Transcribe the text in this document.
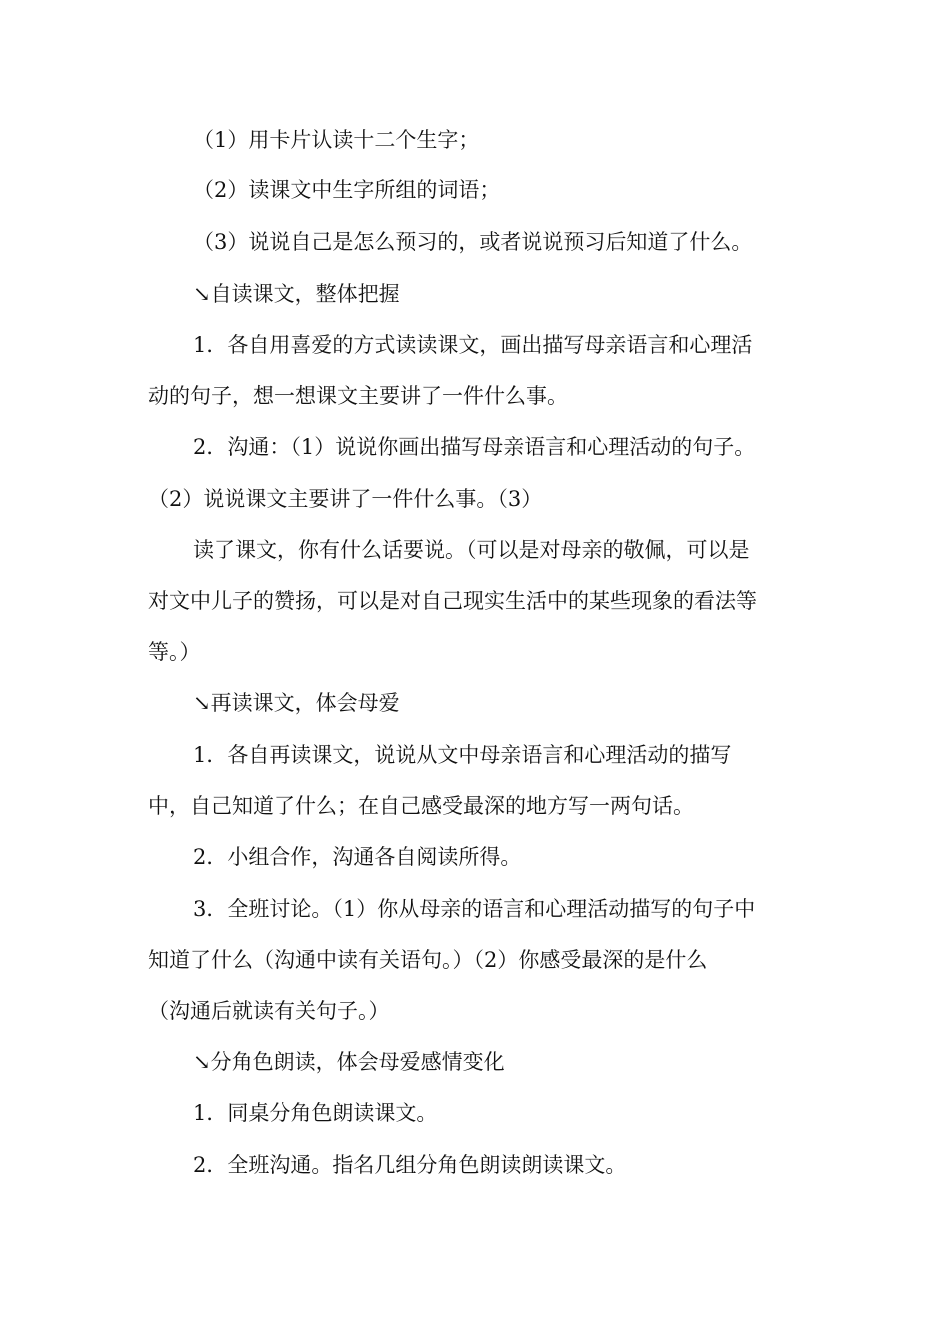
（1）用卡片认读十二个生字；
（2）读课文中生字所组的词语；
（3）说说自己是怎么预习的，或者说说预习后知道了什么。
↘自读课文，整体把握
1．各自用喜爱的方式读读课文，画出描写母亲语言和心理活
动的句子，想一想课文主要讲了一件什么事。
2．沟通：（1）说说你画出描写母亲语言和心理活动的句子。
（2）说说课文主要讲了一件什么事。（3）
读了课文，你有什么话要说。（可以是对母亲的敬佩，可以是
对文中儿子的赞扬，可以是对自己现实生活中的某些现象的看法等
等。）
↘再读课文，体会母爱
1．各自再读课文，说说从文中母亲语言和心理活动的描写
中，自己知道了什么；在自己感受最深的地方写一两句话。
2．小组合作，沟通各自阅读所得。
3．全班讨论。（1）你从母亲的语言和心理活动描写的句子中
知道了什么（沟通中读有关语句。）（2）你感受最深的是什么
（沟通后就读有关句子。）
↘分角色朗读，体会母爱感情变化
1．同桌分角色朗读课文。
2．全班沟通。指名几组分角色朗读朗读课文。
